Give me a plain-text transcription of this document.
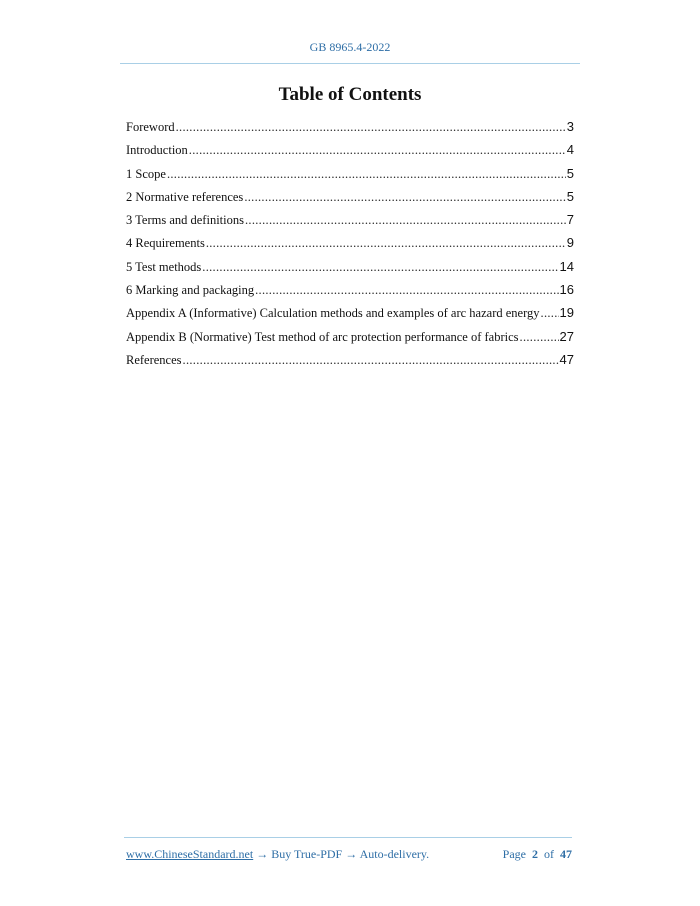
GB 8965.4-2022
Table of Contents
Foreword .....	3
Introduction .....	4
1 Scope .....	5
2 Normative references .....	5
3 Terms and definitions .....	7
4 Requirements .....	9
5 Test methods .....	14
6 Marking and packaging .....	16
Appendix A (Informative) Calculation methods and examples of arc hazard energy ..... 19
Appendix B (Normative) Test method of arc protection performance of fabrics .....	27
References .....	47
www.ChineseStandard.net → Buy True-PDF → Auto-delivery.	Page 2 of 47
